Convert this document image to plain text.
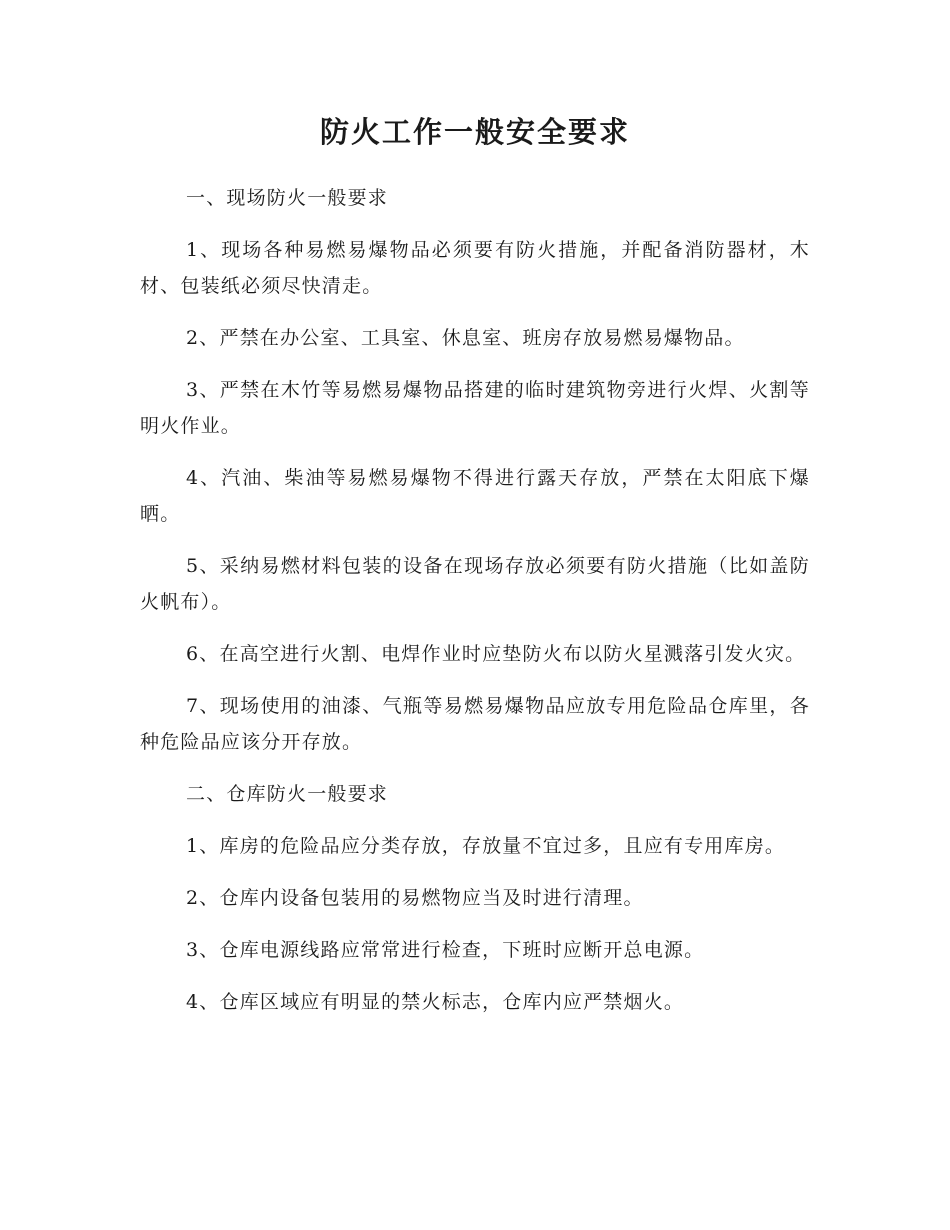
防火工作一般安全要求

一、现场防火一般要求

1、现场各种易燃易爆物品必须要有防火措施，并配备消防器材，木材、包装纸必须尽快清走。

2、严禁在办公室、工具室、休息室、班房存放易燃易爆物品。

3、严禁在木竹等易燃易爆物品搭建的临时建筑物旁进行火焊、火割等明火作业。

4、汽油、柴油等易燃易爆物不得进行露天存放，严禁在太阳底下爆晒。

5、采纳易燃材料包装的设备在现场存放必须要有防火措施（比如盖防火帆布）。

6、在高空进行火割、电焊作业时应垫防火布以防火星溅落引发火灾。

7、现场使用的油漆、气瓶等易燃易爆物品应放专用危险品仓库里，各种危险品应该分开存放。

二、仓库防火一般要求

1、库房的危险品应分类存放，存放量不宜过多，且应有专用库房。

2、仓库内设备包装用的易燃物应当及时进行清理。

3、仓库电源线路应常常进行检查，下班时应断开总电源。

4、仓库区域应有明显的禁火标志，仓库内应严禁烟火。
